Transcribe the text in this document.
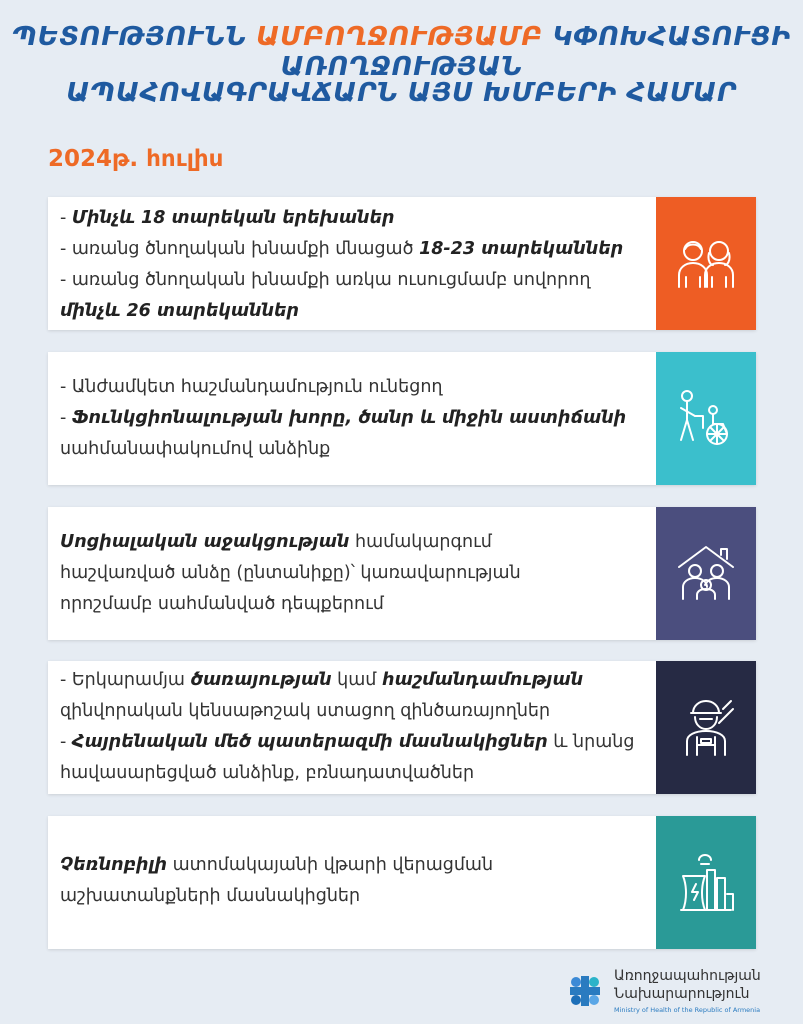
ՊԵՏՈՒԹՅՈՒՆՆ ԱՄԲՈՂՋՈՒԹՅԱՄԲ ԿՓՈԽՀԱՏՈՒՑԻ ԱՌՈՂՋՈՒԹՅԱՆ
ԱՊԱՀՈՎԱԳՐԱՎՃԱՐՆ ԱՅՍ ԽՄԲԵՐԻ ՀԱՄԱՐ
2024թ. հուլիս
- Մինչև 18 տարեկան երեխաներ
- առանց ծնողական խնամքի մնացած 18-23 տարեկաններ
- առանց ծնողական խնամքի առկա ուսուցմամբ սովորող
մինչև 26 տարեկաններ
- Անժամկետ հաշմանդամություն ունեցող
- Ֆունկցիոնալության խորը, ծանր և միջին աստիճանի
սահմանափակումով անձինք
Սոցիալական աջակցության համակարգում
հաշվառված անձը (ընտանիքը)՝ կառավարության
որոշմամբ սահմանված դեպքերում
- Երկարամյա ծառայության կամ հաշմանդամության
զինվորական կենսաթոշակ ստացող զինծառայողներ
- Հայրենական մեծ պատերազմի մասնակիցներ և նրանց
հավասարեցված անձինք, բռնադատվածներ
Չեռնոբիլի ատոմակայանի վթարի վերացման
աշխատանքների մասնակիցներ
Առողջապահության
Նախարարություն
Ministry of Health of the Republic of Armenia
